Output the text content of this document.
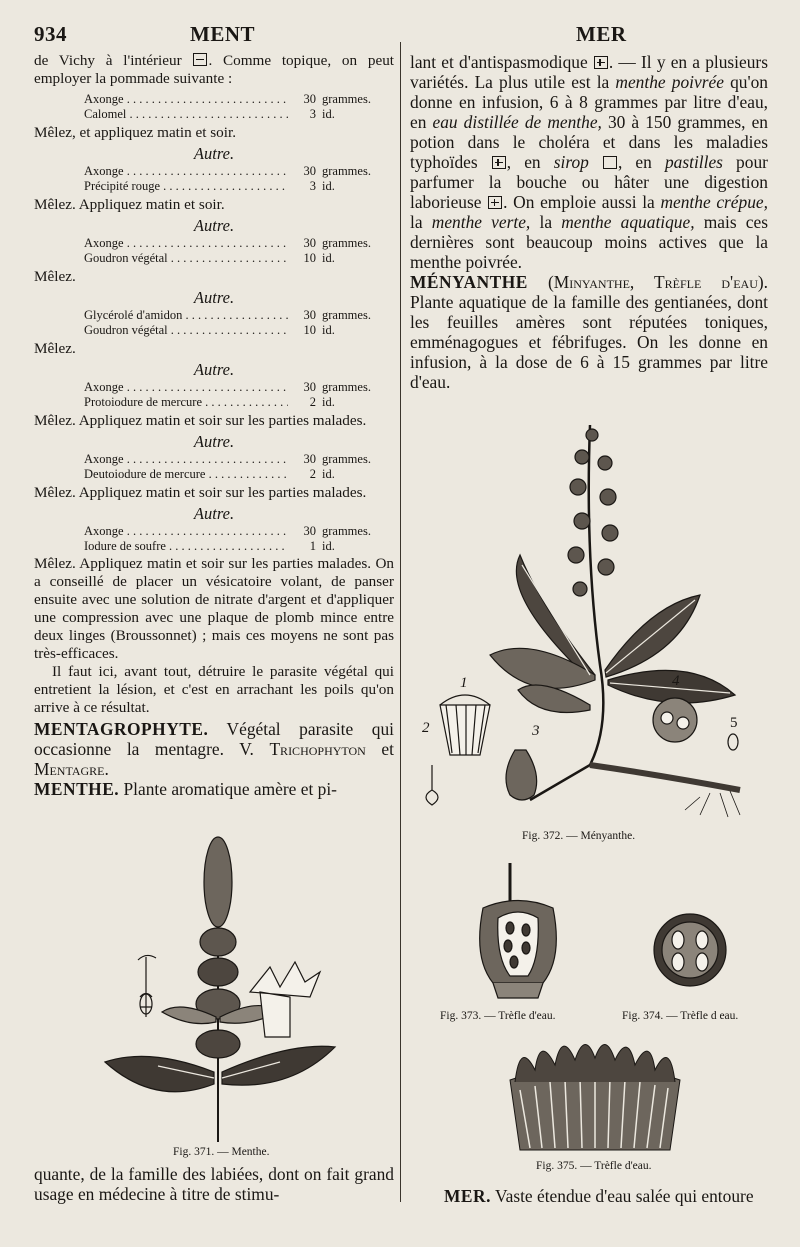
934	MENT	MER

de Vichy à l'intérieur . Comme topique, on peut employer la pommade suivante :

Axonge . . .	30 grammes.
Calomel . . .	3 id.

Mêlez, et appliquez matin et soir.

Autre.
Axonge . . .	30 grammes.
Précipité rouge . . .	3 id.

Mêlez. Appliquez matin et soir.

Autre.
Axonge . . .	30 grammes.
Goudron végétal . . .	10 id.

Mêlez.

Autre.
Glycérolé d'amidon . . .	30 grammes.
Goudron végétal . . .	10 id.

Mêlez.

Autre.
Axonge . . .	30 grammes.
Protoiodure de mercure . . .	2 id.

Mêlez. Appliquez matin et soir sur les parties malades.

Autre.
Axonge . . .	30 grammes.
Deutoiodure de mercure . . .	2 id.

Mêlez. Appliquez matin et soir sur les parties malades.

Autre.
Axonge . . .	30 grammes.
Iodure de soufre . . .	1 id.

Mêlez. Appliquez matin et soir sur les parties malades. On a conseillé de placer un vésicatoire volant, de panser ensuite avec une solution de nitrate d'argent et d'appliquer une compression avec une plaque de plomb mince entre deux linges (Broussonnet) ; mais ces moyens ne sont pas très-efficaces.

Il faut ici, avant tout, détruire le parasite végétal qui entretient la lésion, et c'est en arrachant les poils qu'on arrive à ce résultat.

MENTAGROPHYTE. Végétal parasite qui occasionne la mentagre. V. Trichophyton et Mentagre.

MENTHE. Plante aromatique amère et pi-

Fig. 371. — Menthe.

quante, de la famille des labiées, dont on fait grand usage en médecine à titre de stimu-

lant et d'antispasmodique . — Il y en a plusieurs variétés. La plus utile est la menthe poivrée qu'on donne en infusion, 6 à 8 grammes par litre d'eau, en eau distillée de menthe, 30 à 150 grammes, en potion dans le choléra et dans les maladies typhoïdes , en sirop , en pastilles pour parfumer la bouche ou hâter une digestion laborieuse . On emploie aussi la menthe crépue, la menthe verte, la menthe aquatique, mais ces dernières sont beaucoup moins actives que la menthe poivrée.

MÉNYANTHE (Minyanthe, Trèfle d'eau). Plante aquatique de la famille des gentianées, dont les feuilles amères sont réputées toniques, emménagogues et fébrifuges. On les donne en infusion, à la dose de 6 à 15 grammes par litre d'eau.

1
2	3
4
5
Fig. 372. — Ményanthe.
Fig. 373. — Trèfle d'eau.	Fig. 374. — Trèfle d eau.
Fig. 375. — Trèfle d'eau.

MER. Vaste étendue d'eau salée qui entoure
